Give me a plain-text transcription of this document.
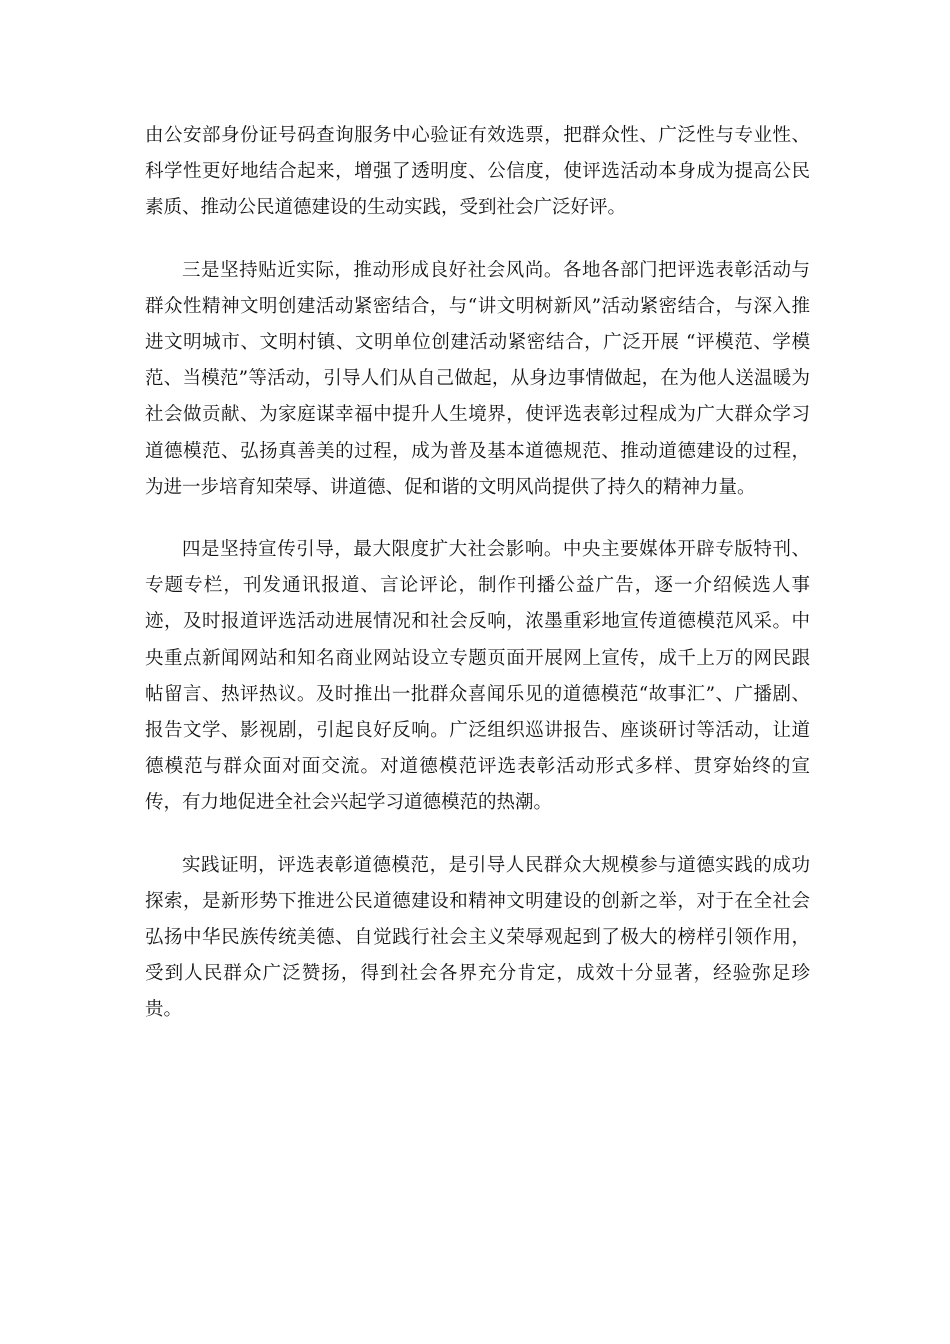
由公安部身份证号码查询服务中心验证有效选票，把群众性、广泛性与专业性、科学性更好地结合起来，增强了透明度、公信度，使评选活动本身成为提高公民素质、推动公民道德建设的生动实践，受到社会广泛好评。

三是坚持贴近实际，推动形成良好社会风尚。各地各部门把评选表彰活动与群众性精神文明创建活动紧密结合，与“讲文明树新风”活动紧密结合，与深入推进文明城市、文明村镇、文明单位创建活动紧密结合，广泛开展 “评模范、学模范、当模范”等活动，引导人们从自己做起，从身边事情做起，在为他人送温暖为社会做贡献、为家庭谋幸福中提升人生境界，使评选表彰过程成为广大群众学习道德模范、弘扬真善美的过程，成为普及基本道德规范、推动道德建设的过程，为进一步培育知荣辱、讲道德、促和谐的文明风尚提供了持久的精神力量。

四是坚持宣传引导，最大限度扩大社会影响。中央主要媒体开辟专版特刊、专题专栏，刊发通讯报道、言论评论，制作刊播公益广告，逐一介绍候选人事迹，及时报道评选活动进展情况和社会反响，浓墨重彩地宣传道德模范风采。中央重点新闻网站和知名商业网站设立专题页面开展网上宣传，成千上万的网民跟帖留言、热评热议。及时推出一批群众喜闻乐见的道德模范“故事汇”、广播剧、报告文学、影视剧，引起良好反响。广泛组织巡讲报告、座谈研讨等活动，让道德模范与群众面对面交流。对道德模范评选表彰活动形式多样、贯穿始终的宣传，有力地促进全社会兴起学习道德模范的热潮。

实践证明，评选表彰道德模范，是引导人民群众大规模参与道德实践的成功探索，是新形势下推进公民道德建设和精神文明建设的创新之举，对于在全社会弘扬中华民族传统美德、自觉践行社会主义荣辱观起到了极大的榜样引领作用，受到人民群众广泛赞扬，得到社会各界充分肯定，成效十分显著，经验弥足珍贵。
